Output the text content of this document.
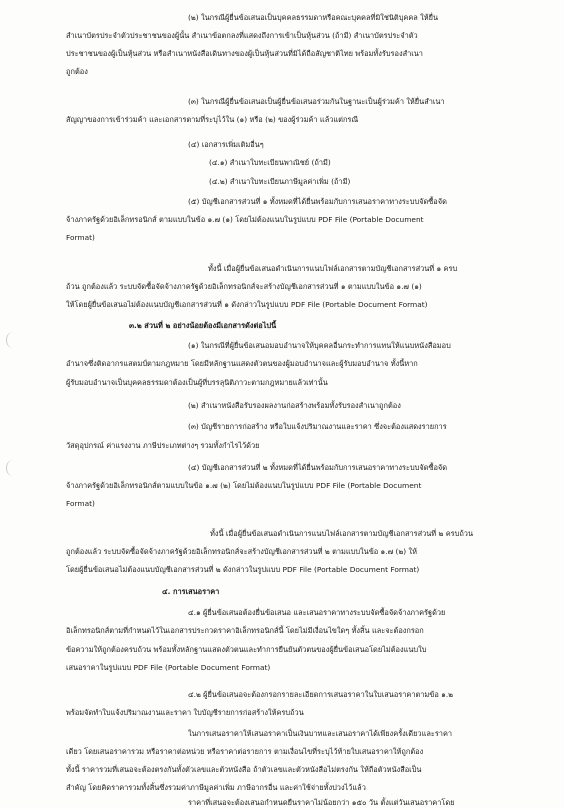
(๒) ในกรณีผู้ยื่นข้อเสนอเป็นบุคคลธรรมดาหรือคณะบุคคลที่มิใช่นิติบุคคล ให้ยื่น

สำเนาบัตรประจำตัวประชาชนของผู้นั้น สำเนาข้อตกลงที่แสดงถึงการเข้าเป็นหุ้นส่วน (ถ้ามี) สำเนาบัตรประจำตัว

ประชาชนของผู้เป็นหุ้นส่วน หรือสำเนาหนังสือเดินทางของผู้เป็นหุ้นส่วนที่มิได้ถือสัญชาติไทย พร้อมทั้งรับรองสำเนา

ถูกต้อง

(๓) ในกรณีผู้ยื่นข้อเสนอเป็นผู้ยื่นข้อเสนอร่วมกันในฐานะเป็นผู้ร่วมค้า ให้ยื่นสำเนา

สัญญาของการเข้าร่วมค้า และเอกสารตามที่ระบุไว้ใน (๑) หรือ (๒) ของผู้ร่วมค้า แล้วแต่กรณี

(๔) เอกสารเพิ่มเติมอื่นๆ

(๔.๑) สำเนาใบทะเบียนพาณิชย์ (ถ้ามี)

(๔.๒) สำเนาใบทะเบียนภาษีมูลค่าเพิ่ม (ถ้ามี)

(๕) บัญชีเอกสารส่วนที่ ๑ ทั้งหมดที่ได้ยื่นพร้อมกับการเสนอราคาทางระบบจัดซื้อจัด

จ้างภาครัฐด้วยอิเล็กทรอนิกส์ ตามแบบในข้อ ๑.๗ (๑) โดยไม่ต้องแนบในรูปแบบ PDF File (Portable Document

Format)

ทั้งนี้ เมื่อผู้ยื่นข้อเสนอดำเนินการแนบไฟล์เอกสารตามบัญชีเอกสารส่วนที่ ๑ ครบ

ถ้วน ถูกต้องแล้ว ระบบจัดซื้อจัดจ้างภาครัฐด้วยอิเล็กทรอนิกส์จะสร้างบัญชีเอกสารส่วนที่ ๑ ตามแบบในข้อ ๑.๗ (๑)

ให้โดยผู้ยื่นข้อเสนอไม่ต้องแนบบัญชีเอกสารส่วนที่ ๑ ดังกล่าวในรูปแบบ PDF File (Portable Document Format)

๓.๒ ส่วนที่ ๒ อย่างน้อยต้องมีเอกสารดังต่อไปนี้

(๑) ในกรณีที่ผู้ยื่นข้อเสนอมอบอำนาจให้บุคคลอื่นกระทำการแทนให้แนบหนังสือมอบ

อำนาจซึ่งติดอากรแสตมป์ตามกฎหมาย โดยมีหลักฐานแสดงตัวตนของผู้มอบอำนาจและผู้รับมอบอำนาจ ทั้งนี้หาก

ผู้รับมอบอำนาจเป็นบุคคลธรรมดาต้องเป็นผู้ที่บรรลุนิติภาวะตามกฎหมายแล้วเท่านั้น

(๒) สำเนาหนังสือรับรองผลงานก่อสร้างพร้อมทั้งรับรองสำเนาถูกต้อง

(๓) บัญชีรายการก่อสร้าง หรือใบแจ้งปริมาณงานและราคา ซึ่งจะต้องแสดงรายการ

วัสดุอุปกรณ์ ค่าแรงงาน ภาษีประเภทต่างๆ รวมทั้งกำไรไว้ด้วย

(๔) บัญชีเอกสารส่วนที่ ๒ ทั้งหมดที่ได้ยื่นพร้อมกับการเสนอราคาทางระบบจัดซื้อจัด

จ้างภาครัฐด้วยอิเล็กทรอนิกส์ตามแบบในข้อ ๑.๗ (๒) โดยไม่ต้องแนบในรูปแบบ PDF File (Portable Document

Format)

ทั้งนี้ เมื่อผู้ยื่นข้อเสนอดำเนินการแนบไฟล์เอกสารตามบัญชีเอกสารส่วนที่ ๒ ครบถ้วน

ถูกต้องแล้ว ระบบจัดซื้อจัดจ้างภาครัฐด้วยอิเล็กทรอนิกส์จะสร้างบัญชีเอกสารส่วนที่ ๒ ตามแบบในข้อ ๑.๗ (๒) ให้

โดยผู้ยื่นข้อเสนอไม่ต้องแนบบัญชีเอกสารส่วนที่ ๒ ดังกล่าวในรูปแบบ PDF File (Portable Document Format)

๔. การเสนอราคา

๔.๑ ผู้ยื่นข้อเสนอต้องยื่นข้อเสนอ และเสนอราคาทางระบบจัดซื้อจัดจ้างภาครัฐด้วย

อิเล็กทรอนิกส์ตามที่กำหนดไว้ในเอกสารประกวดราคาอิเล็กทรอนิกส์นี้ โดยไม่มีเงื่อนไขใดๆ ทั้งสิ้น และจะต้องกรอก

ข้อความให้ถูกต้องครบถ้วน พร้อมทั้งหลักฐานแสดงตัวตนและทำการยืนยันตัวตนของผู้ยื่นข้อเสนอโดยไม่ต้องแนบใบ

เสนอราคาในรูปแบบ PDF File (Portable Document Format)

๔.๒ ผู้ยื่นข้อเสนอจะต้องกรอกรายละเอียดการเสนอราคาในใบเสนอราคาตามข้อ ๑.๒

พร้อมจัดทำใบแจ้งปริมาณงานและราคา ใบบัญชีรายการก่อสร้างให้ครบถ้วน

ในการเสนอราคาให้เสนอราคาเป็นเงินบาทและเสนอราคาได้เพียงครั้งเดียวและราคา

เดียว โดยเสนอราคารวม หรือราคาต่อหน่วย หรือราคาต่อรายการ ตามเงื่อนไขที่ระบุไว้ท้ายใบเสนอราคาให้ถูกต้อง

ทั้งนี้ ราคารวมที่เสนอจะต้องตรงกันทั้งตัวเลขและตัวหนังสือ ถ้าตัวเลขและตัวหนังสือไม่ตรงกัน ให้ถือตัวหนังสือเป็น

สำคัญ โดยคิดราคารวมทั้งสิ้นซึ่งรวมค่าภาษีมูลค่าเพิ่ม ภาษีอากรอื่น และค่าใช้จ่ายทั้งปวงไว้แล้ว

ราคาที่เสนอจะต้องเสนอกำหนดยืนราคาไม่น้อยกว่า ๑๕๐ วัน ตั้งแต่วันเสนอราคาโดย
